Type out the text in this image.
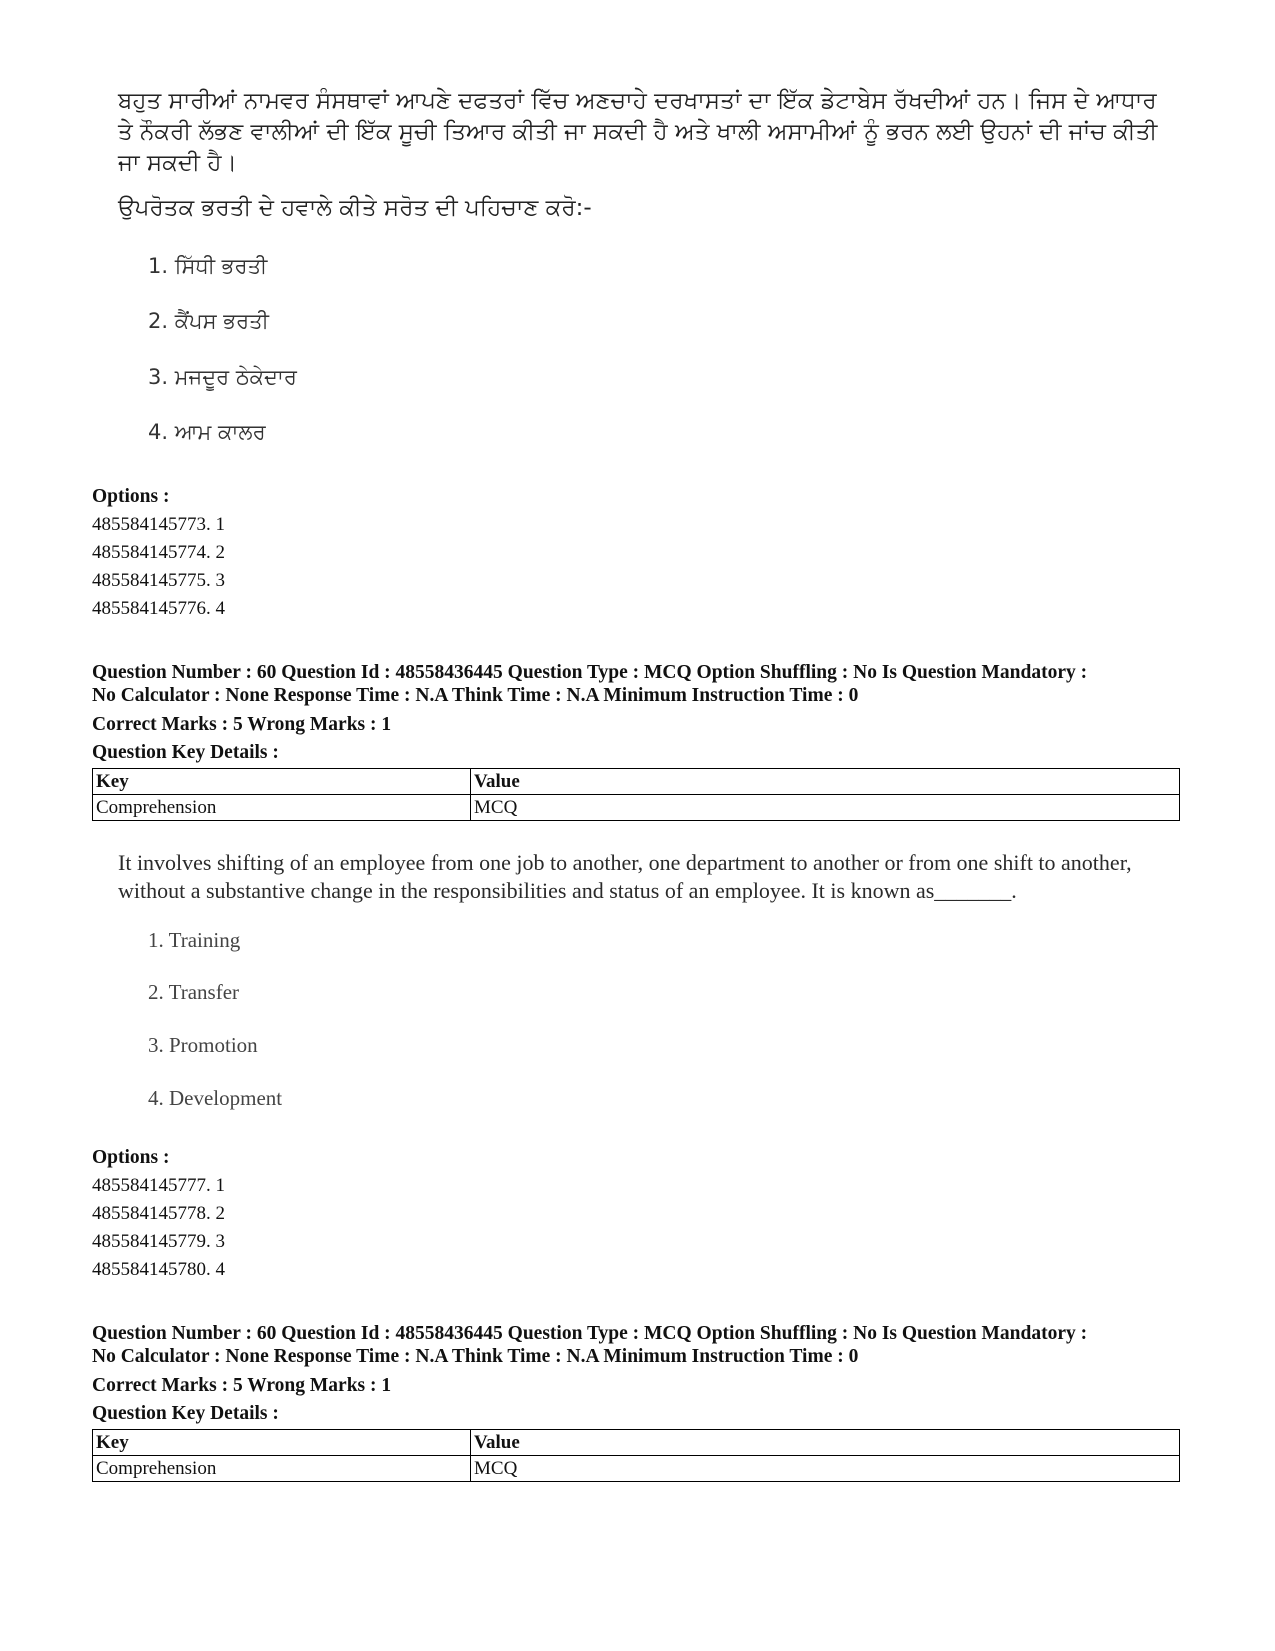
ਬਹੁਤ ਸਾਰੀਆਂ ਨਾਮਵਰ ਸੰਸਥਾਵਾਂ ਆਪਣੇ ਦਫਤਰਾਂ ਵਿੱਚ ਅਣਚਾਹੇ ਦਰਖਾਸਤਾਂ ਦਾ ਇੱਕ ਡੇਟਾਬੇਸ ਰੱਖਦੀਆਂ ਹਨ। ਜਿਸ ਦੇ ਆਧਾਰ ਤੇ ਨੌਕਰੀ ਲੱਭਣ ਵਾਲੀਆਂ ਦੀ ਇੱਕ ਸੂਚੀ ਤਿਆਰ ਕੀਤੀ ਜਾ ਸਕਦੀ ਹੈ ਅਤੇ ਖਾਲੀ ਅਸਾਮੀਆਂ ਨੂੰ ਭਰਨ ਲਈ ਉਹਨਾਂ ਦੀ ਜਾਂਚ ਕੀਤੀ ਜਾ ਸਕਦੀ ਹੈ।

ਉਪਰੋਤਕ ਭਰਤੀ ਦੇ ਹਵਾਲੇ ਕੀਤੇ ਸਰੋਤ ਦੀ ਪਹਿਚਾਣ ਕਰੋ:-

1. ਸਿੱਧੀ ਭਰਤੀ
2. ਕੈਂਪਸ ਭਰਤੀ
3. ਮਜਦੂਰ ਠੇਕੇਦਾਰ
4. ਆਮ ਕਾਲਰ
Options :
485584145773. 1
485584145774. 2
485584145775. 3
485584145776. 4
Question Number : 60 Question Id : 48558436445 Question Type : MCQ Option Shuffling : No Is Question Mandatory :
No Calculator : None Response Time : N.A Think Time : N.A Minimum Instruction Time : 0
Correct Marks : 5 Wrong Marks : 1
Question Key Details :
Key	Value
Comprehension	MCQ

It involves shifting of an employee from one job to another, one department to another or from one shift to another, without a substantive change in the responsibilities and status of an employee. It is known as_______.

1. Training
2. Transfer
3. Promotion
4. Development
Options :
485584145777. 1
485584145778. 2
485584145779. 3
485584145780. 4
Question Number : 60 Question Id : 48558436445 Question Type : MCQ Option Shuffling : No Is Question Mandatory :
No Calculator : None Response Time : N.A Think Time : N.A Minimum Instruction Time : 0
Correct Marks : 5 Wrong Marks : 1
Question Key Details :
Key	Value
Comprehension	MCQ
